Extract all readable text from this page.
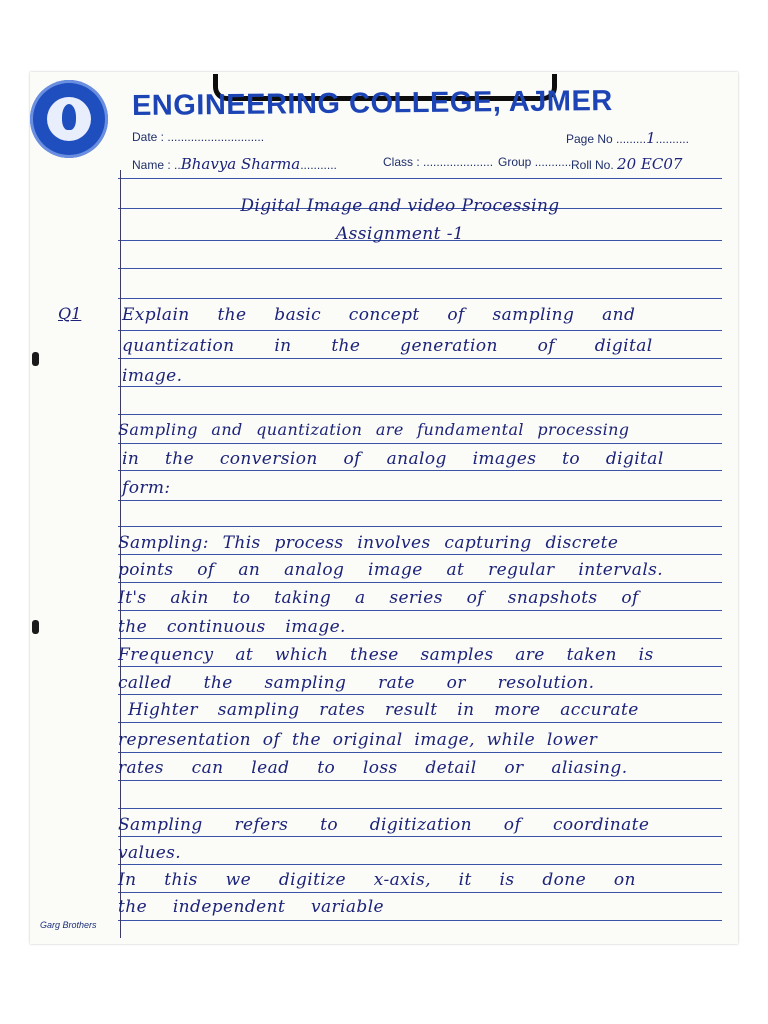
ENGINEERING COLLEGE, AJMER
Date : .............................	Page No .........1..........
Name : ..Bhavya Sharma...........	Class : ..................... Group ........... Roll No. 20 EC07

Digital Image and video Processing

Assignment -1

Q1 Explain the basic concept of sampling and

quantization in the generation of digital

image.

Sampling and quantization are fundamental processing

in the conversion of analog images to digital

form:

Sampling: This process involves capturing discrete

points of an analog image at regular intervals.

It's akin to taking a series of snapshots of

the continuous image.

Frequency at which these samples are taken is

called the sampling rate or resolution.

Highter sampling rates result in more accurate

representation of the original image, while lower

rates can lead to loss detail or aliasing.

Sampling refers to digitization of coordinate

values.

In this we digitize x-axis, it is done on

the independent variable

Garg Brothers
